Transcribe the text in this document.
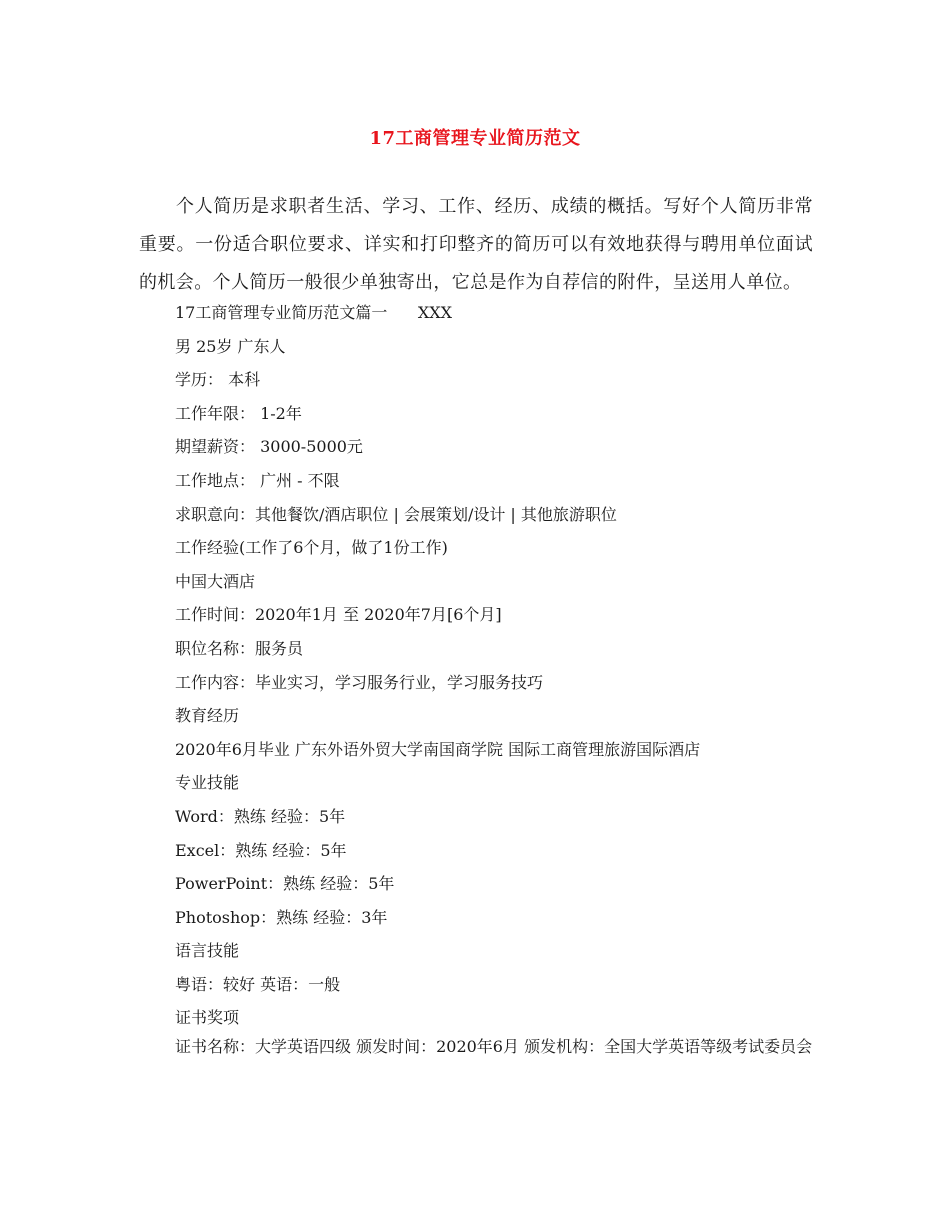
17工商管理专业简历范文

个人简历是求职者生活、学习、工作、经历、成绩的概括。写好个人简历非常重要。一份适合职位要求、详实和打印整齐的简历可以有效地获得与聘用单位面试的机会。个人简历一般很少单独寄出，它总是作为自荐信的附件，呈送用人单位。

17工商管理专业简历范文篇一      XXX
男 25岁 广东人
学历： 本科
工作年限： 1-2年
期望薪资： 3000-5000元
工作地点： 广州 - 不限
求职意向：其他餐饮/酒店职位 | 会展策划/设计 | 其他旅游职位
工作经验(工作了6个月，做了1份工作)
中国大酒店
工作时间：2020年1月 至 2020年7月[6个月]
职位名称：服务员
工作内容：毕业实习，学习服务行业，学习服务技巧
教育经历
2020年6月毕业 广东外语外贸大学南国商学院 国际工商管理旅游国际酒店
专业技能
Word：熟练 经验：5年
Excel：熟练 经验：5年
PowerPoint：熟练 经验：5年
Photoshop：熟练 经验：3年
语言技能
粤语：较好 英语：一般
证书奖项

证书名称：大学英语四级 颁发时间：2020年6月 颁发机构：全国大学英语等级考试委员会
